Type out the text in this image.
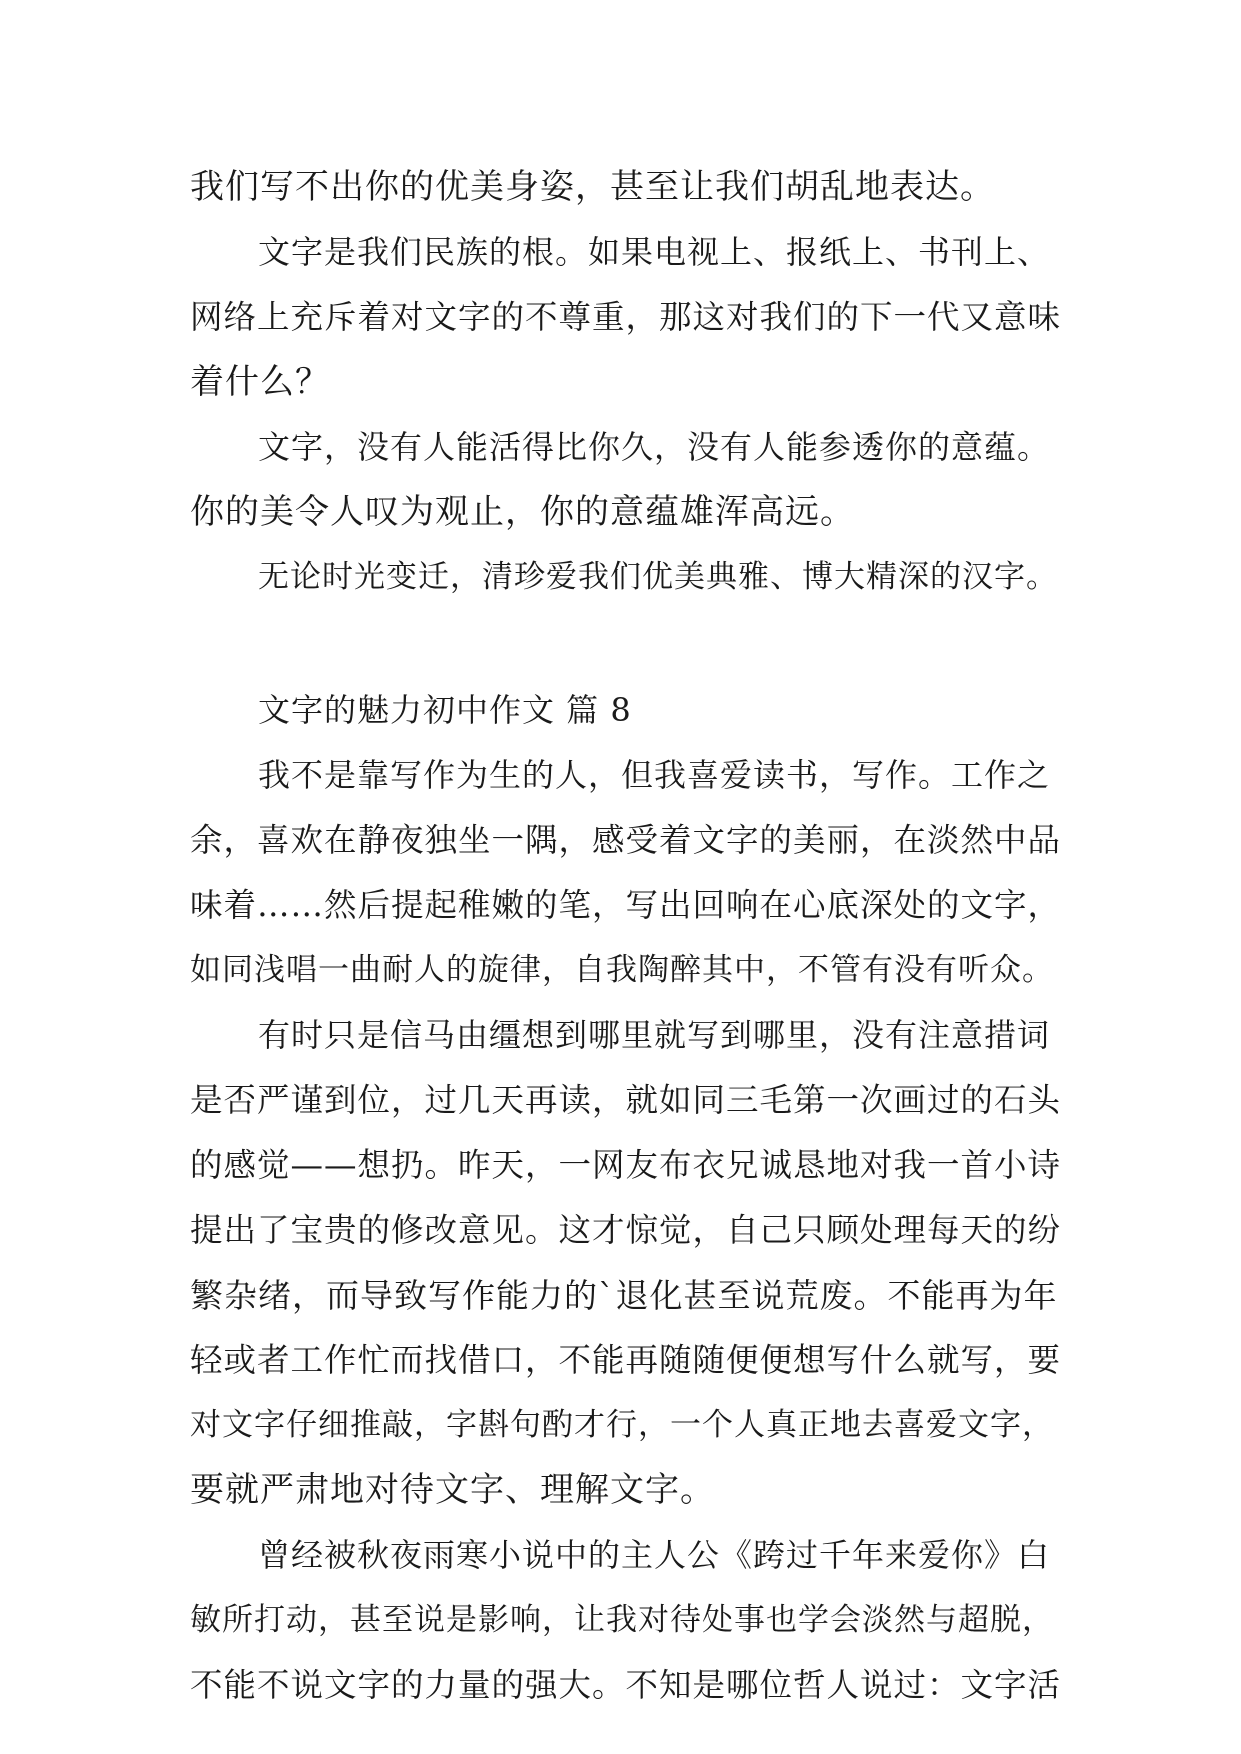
我们写不出你的优美身姿，甚至让我们胡乱地表达。
文字是我们民族的根。如果电视上、报纸上、书刊上、
网络上充斥着对文字的不尊重，那这对我们的下一代又意味
着什么？
文字，没有人能活得比你久，没有人能参透你的意蕴。
你的美令人叹为观止，你的意蕴雄浑高远。
无论时光变迁，清珍爱我们优美典雅、博大精深的汉字。
文字的魅力初中作文 篇 8
我不是靠写作为生的人，但我喜爱读书，写作。工作之
余，喜欢在静夜独坐一隅，感受着文字的美丽，在淡然中品
味着……然后提起稚嫩的笔，写出回响在心底深处的文字，
如同浅唱一曲耐人的旋律，自我陶醉其中，不管有没有听众。
有时只是信马由缰想到哪里就写到哪里，没有注意措词
是否严谨到位，过几天再读，就如同三毛第一次画过的石头
的感觉——想扔。昨天，一网友布衣兄诚恳地对我一首小诗
提出了宝贵的修改意见。这才惊觉，自己只顾处理每天的纷
繁杂绪，而导致写作能力的`退化甚至说荒废。不能再为年
轻或者工作忙而找借口，不能再随随便便想写什么就写，要
对文字仔细推敲，字斟句酌才行，一个人真正地去喜爱文字，
要就严肃地对待文字、理解文字。
曾经被秋夜雨寒小说中的主人公《跨过千年来爱你》白
敏所打动，甚至说是影响，让我对待处事也学会淡然与超脱，
不能不说文字的力量的强大。不知是哪位哲人说过：文字活
